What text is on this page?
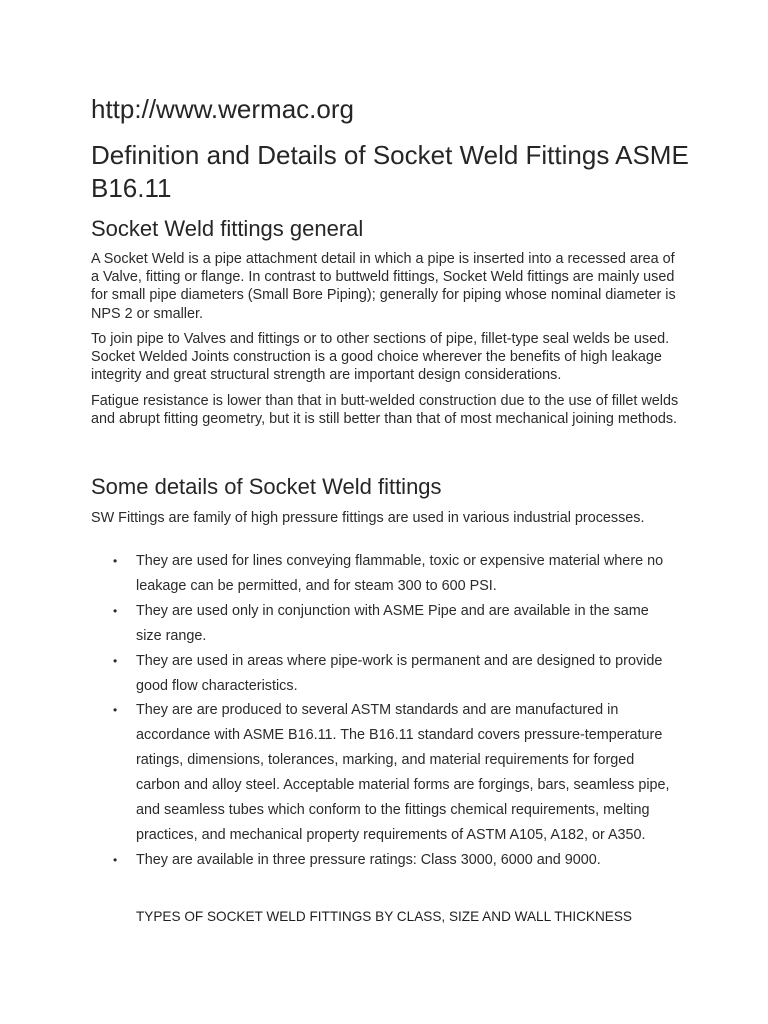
http://www.wermac.org
Definition and Details of Socket Weld Fittings ASME B16.11
Socket Weld fittings general

A Socket Weld is a pipe attachment detail in which a pipe is inserted into a recessed area of a Valve, fitting or flange. In contrast to buttweld fittings, Socket Weld fittings are mainly used for small pipe diameters (Small Bore Piping); generally for piping whose nominal diameter is NPS 2 or smaller.

To join pipe to Valves and fittings or to other sections of pipe, fillet-type seal welds be used. Socket Welded Joints construction is a good choice wherever the benefits of high leakage integrity and great structural strength are important design considerations.

Fatigue resistance is lower than that in butt-welded construction due to the use of fillet welds and abrupt fitting geometry, but it is still better than that of most mechanical joining methods.

Some details of Socket Weld fittings

SW Fittings are family of high pressure fittings are used in various industrial processes.

• They are used for lines conveying flammable, toxic or expensive material where no leakage can be permitted, and for steam 300 to 600 PSI.
• They are used only in conjunction with ASME Pipe and are available in the same size range.
• They are used in areas where pipe-work is permanent and are designed to provide good flow characteristics.
• They are are produced to several ASTM standards and are manufactured in accordance with ASME B16.11. The B16.11 standard covers pressure-temperature ratings, dimensions, tolerances, marking, and material requirements for forged carbon and alloy steel. Acceptable material forms are forgings, bars, seamless pipe, and seamless tubes which conform to the fittings chemical requirements, melting practices, and mechanical property requirements of ASTM A105, A182, or A350.
• They are available in three pressure ratings: Class 3000, 6000 and 9000.
TYPES OF SOCKET WELD FITTINGS BY CLASS, SIZE AND WALL THICKNESS
